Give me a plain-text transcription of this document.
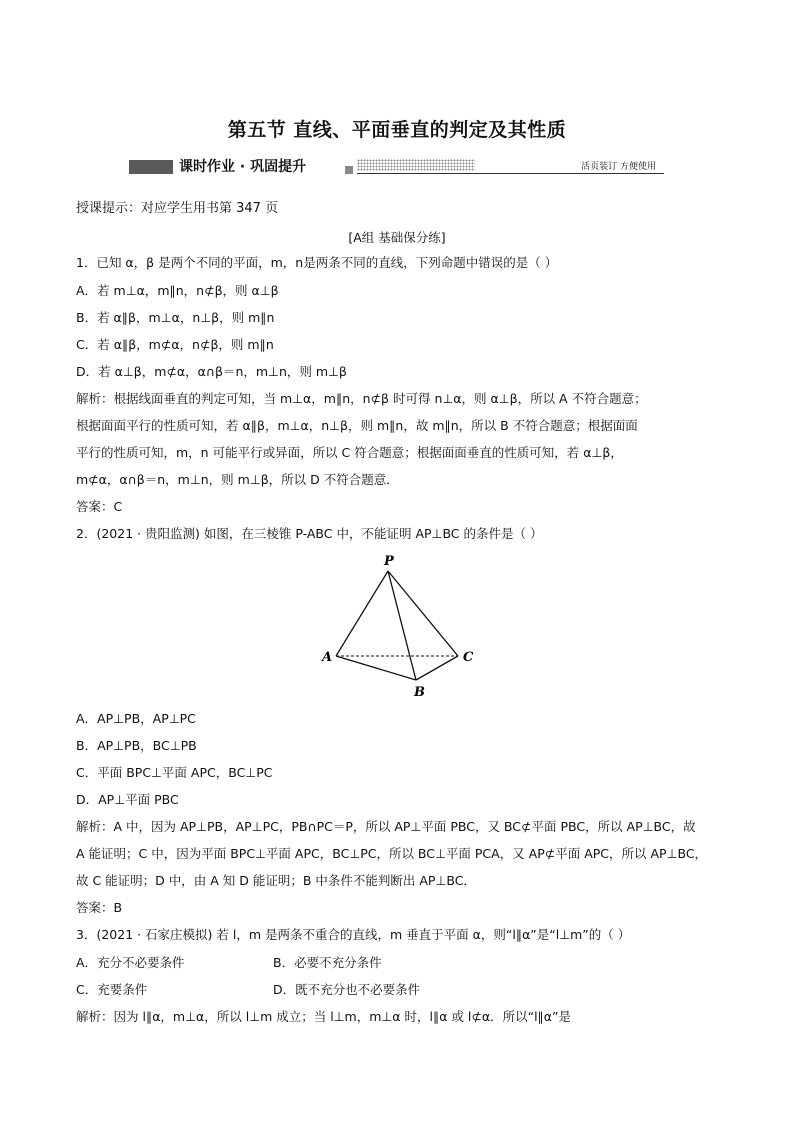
第五节 直线、平面垂直的判定及其性质
课时作业 · 巩固提升	活页装订 方便使用
授课提示：对应学生用书第 347 页
[A组 基础保分练]
1．已知 α，β 是两个不同的平面，m，n是两条不同的直线，下列命题中错误的是（ ）
A．若 m⊥α，m∥n，n⊄β，则 α⊥β
B．若 α∥β，m⊥α，n⊥β，则 m∥n
C．若 α∥β，m⊄α，n⊄β，则 m∥n
D．若 α⊥β，m⊄α，α∩β＝n，m⊥n，则 m⊥β
解析：根据线面垂直的判定可知，当 m⊥α，m∥n，n⊄β 时可得 n⊥α，则 α⊥β，所以 A 不符合题意；
根据面面平行的性质可知，若 α∥β，m⊥α，n⊥β，则 m∥n，故 m∥n，所以 B 不符合题意；根据面面
平行的性质可知，m，n 可能平行或异面，所以 C 符合题意；根据面面垂直的性质可知，若 α⊥β，
m⊄α，α∩β＝n，m⊥n，则 m⊥β，所以 D 不符合题意．
答案：C
2．(2021 · 贵阳监测) 如图，在三棱锥 P-ABC 中，不能证明 AP⊥BC 的条件是（ ）
P
A
B
C
A．AP⊥PB，AP⊥PC
B．AP⊥PB，BC⊥PB
C．平面 BPC⊥平面 APC，BC⊥PC
D．AP⊥平面 PBC
解析：A 中，因为 AP⊥PB，AP⊥PC，PB∩PC＝P，所以 AP⊥平面 PBC，又 BC⊄平面 PBC，所以 AP⊥BC，故
A 能证明；C 中，因为平面 BPC⊥平面 APC，BC⊥PC，所以 BC⊥平面 PCA，又 AP⊄平面 APC，所以 AP⊥BC，
故 C 能证明；D 中，由 A 知 D 能证明；B 中条件不能判断出 AP⊥BC．
答案：B
3．(2021 · 石家庄模拟) 若 l，m 是两条不重合的直线，m 垂直于平面 α，则“l∥α”是“l⊥m”的（ ）
A．充分不必要条件	B．必要不充分条件
C．充要条件	D．既不充分也不必要条件
解析：因为 l∥α，m⊥α，所以 l⊥m 成立；当 l⊥m，m⊥α 时，l∥α 或 l⊄α．所以“l∥α”是
